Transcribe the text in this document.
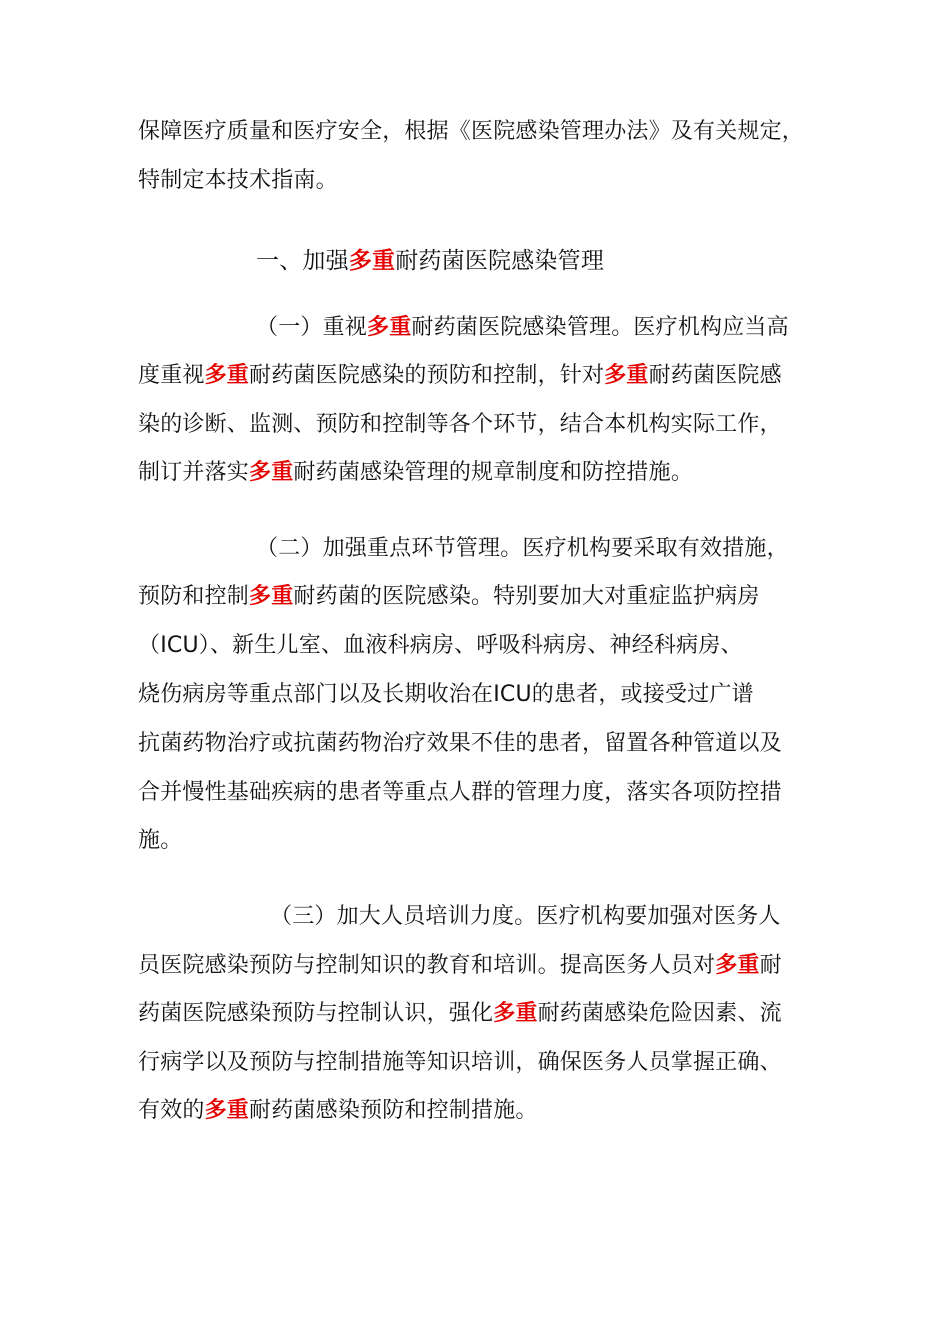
保障医疗质量和医疗安全，根据《医院感染管理办法》及有关规定，
特制定本技术指南。
一、加强多重耐药菌医院感染管理
（一）重视多重耐药菌医院感染管理。医疗机构应当高
度重视多重耐药菌医院感染的预防和控制，针对多重耐药菌医院感
染的诊断、监测、预防和控制等各个环节，结合本机构实际工作，
制订并落实多重耐药菌感染管理的规章制度和防控措施。
（二）加强重点环节管理。医疗机构要采取有效措施，
预防和控制多重耐药菌的医院感染。特别要加大对重症监护病房
（ICU）、新生儿室、血液科病房、呼吸科病房、神经科病房、
烧伤病房等重点部门以及长期收治在ICU的患者，或接受过广谱
抗菌药物治疗或抗菌药物治疗效果不佳的患者，留置各种管道以及
合并慢性基础疾病的患者等重点人群的管理力度，落实各项防控措
施。
（三）加大人员培训力度。医疗机构要加强对医务人
员医院感染预防与控制知识的教育和培训。提高医务人员对多重耐
药菌医院感染预防与控制认识，强化多重耐药菌感染危险因素、流
行病学以及预防与控制措施等知识培训，确保医务人员掌握正确、
有效的多重耐药菌感染预防和控制措施。
